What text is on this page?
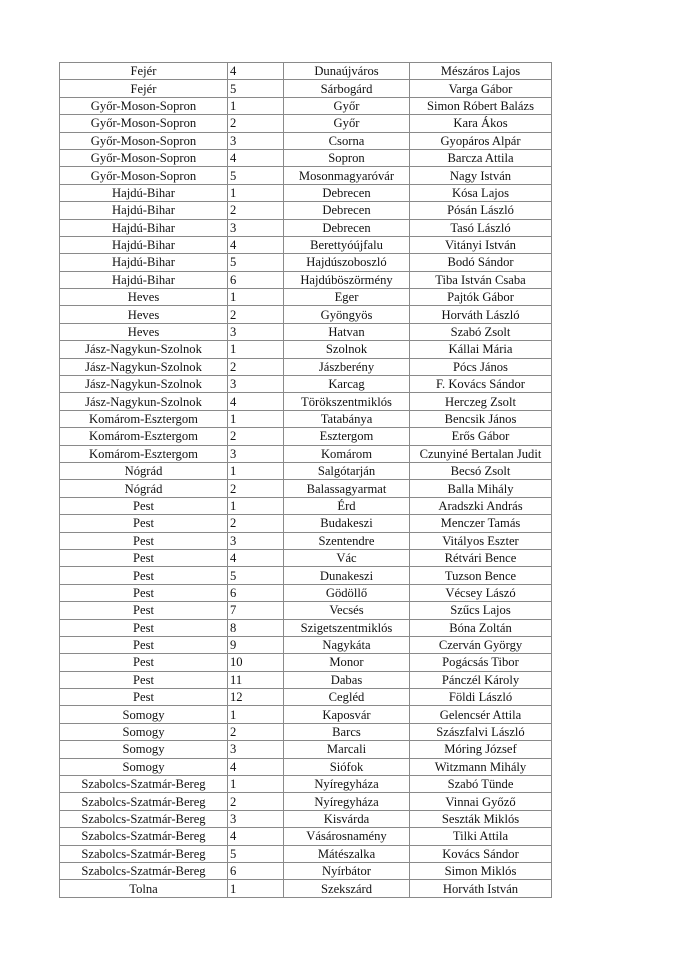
Fejér	4	Dunaújváros	Mészáros Lajos
Fejér	5	Sárbogárd	Varga Gábor
Győr-Moson-Sopron	1	Győr	Simon Róbert Balázs
Győr-Moson-Sopron	2	Győr	Kara Ákos
Győr-Moson-Sopron	3	Csorna	Gyopáros Alpár
Győr-Moson-Sopron	4	Sopron	Barcza Attila
Győr-Moson-Sopron	5	Mosonmagyaróvár	Nagy István
Hajdú-Bihar	1	Debrecen	Kósa Lajos
Hajdú-Bihar	2	Debrecen	Pósán László
Hajdú-Bihar	3	Debrecen	Tasó László
Hajdú-Bihar	4	Berettyóújfalu	Vitányi István
Hajdú-Bihar	5	Hajdúszoboszló	Bodó Sándor
Hajdú-Bihar	6	Hajdúböszörmény	Tiba István Csaba
Heves	1	Eger	Pajtók Gábor
Heves	2	Gyöngyös	Horváth László
Heves	3	Hatvan	Szabó Zsolt
Jász-Nagykun-Szolnok	1	Szolnok	Kállai Mária
Jász-Nagykun-Szolnok	2	Jászberény	Pócs János
Jász-Nagykun-Szolnok	3	Karcag	F. Kovács Sándor
Jász-Nagykun-Szolnok	4	Törökszentmiklós	Herczeg Zsolt
Komárom-Esztergom	1	Tatabánya	Bencsik János
Komárom-Esztergom	2	Esztergom	Erős Gábor
Komárom-Esztergom	3	Komárom	Czunyiné Bertalan Judit
Nógrád	1	Salgótarján	Becsó Zsolt
Nógrád	2	Balassagyarmat	Balla Mihály
Pest	1	Érd	Aradszki András
Pest	2	Budakeszi	Menczer Tamás
Pest	3	Szentendre	Vitályos Eszter
Pest	4	Vác	Rétvári Bence
Pest	5	Dunakeszi	Tuzson Bence
Pest	6	Gödöllő	Vécsey Lászó
Pest	7	Vecsés	Szűcs Lajos
Pest	8	Szigetszentmiklós	Bóna Zoltán
Pest	9	Nagykáta	Czerván György
Pest	10	Monor	Pogácsás Tibor
Pest	11	Dabas	Pánczél Károly
Pest	12	Cegléd	Földi László
Somogy	1	Kaposvár	Gelencsér Attila
Somogy	2	Barcs	Szászfalvi László
Somogy	3	Marcali	Móring József
Somogy	4	Siófok	Witzmann Mihály
Szabolcs-Szatmár-Bereg	1	Nyíregyháza	Szabó Tünde
Szabolcs-Szatmár-Bereg	2	Nyíregyháza	Vinnai Győző
Szabolcs-Szatmár-Bereg	3	Kisvárda	Seszták Miklós
Szabolcs-Szatmár-Bereg	4	Vásárosnamény	Tilki Attila
Szabolcs-Szatmár-Bereg	5	Mátészalka	Kovács Sándor
Szabolcs-Szatmár-Bereg	6	Nyírbátor	Simon Miklós
Tolna	1	Szekszárd	Horváth István
